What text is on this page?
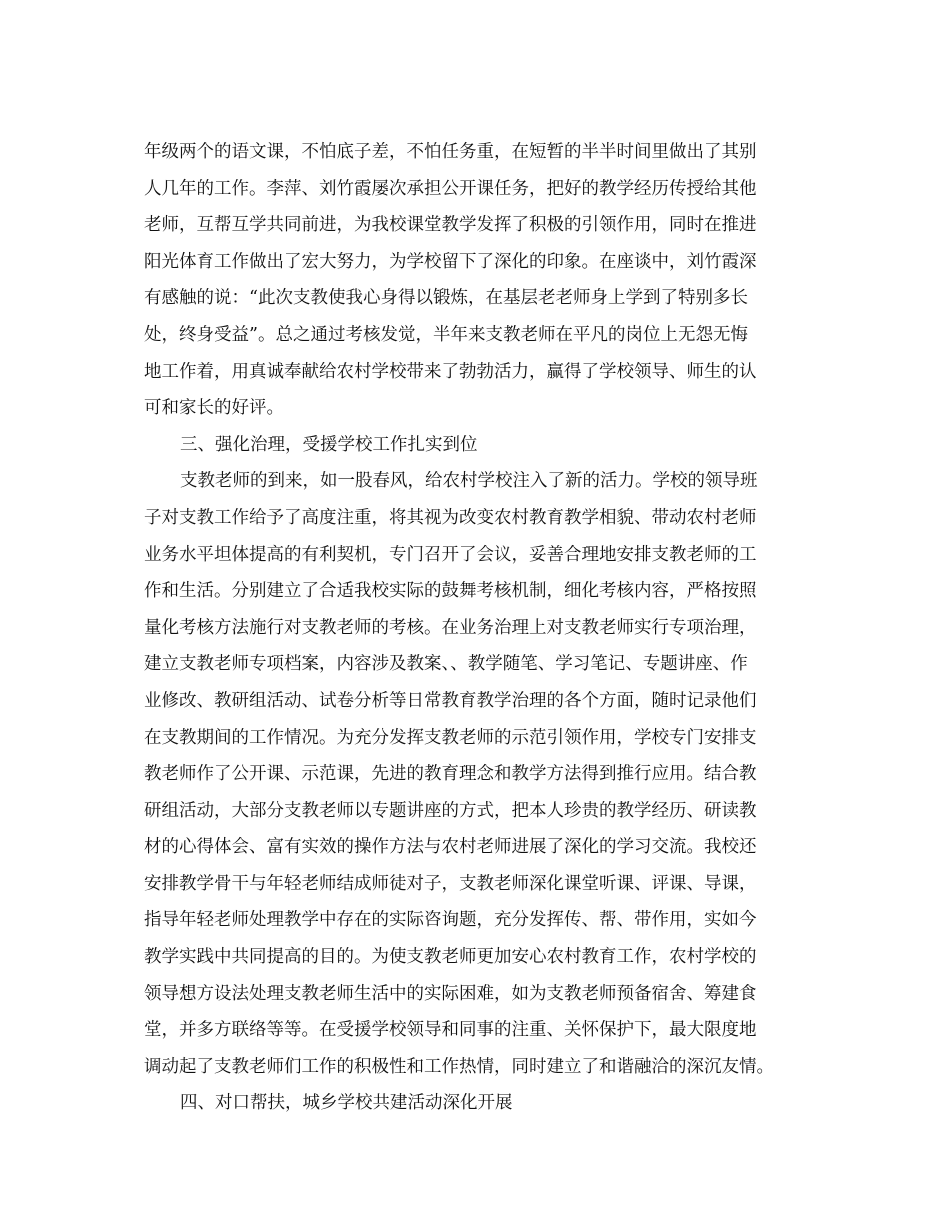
年级两个的语文课，不怕底子差，不怕任务重，在短暂的半半时间里做出了其别
人几年的工作。李萍、刘竹霞屡次承担公开课任务，把好的教学经历传授给其他
老师，互帮互学共同前进，为我校课堂教学发挥了积极的引领作用，同时在推进
阳光体育工作做出了宏大努力，为学校留下了深化的印象。在座谈中，刘竹霞深
有感触的说：“此次支教使我心身得以锻炼，在基层老老师身上学到了特别多长
处，终身受益”。总之通过考核发觉，半年来支教老师在平凡的岗位上无怨无悔
地工作着，用真诚奉献给农村学校带来了勃勃活力，赢得了学校领导、师生的认
可和家长的好评。
三、强化治理，受援学校工作扎实到位
支教老师的到来，如一股春风，给农村学校注入了新的活力。学校的领导班
子对支教工作给予了高度注重，将其视为改变农村教育教学相貌、带动农村老师
业务水平坦体提高的有利契机，专门召开了会议，妥善合理地安排支教老师的工
作和生活。分别建立了合适我校实际的鼓舞考核机制，细化考核内容，严格按照
量化考核方法施行对支教老师的考核。在业务治理上对支教老师实行专项治理，
建立支教老师专项档案，内容涉及教案、、教学随笔、学习笔记、专题讲座、作
业修改、教研组活动、试卷分析等日常教育教学治理的各个方面，随时记录他们
在支教期间的工作情况。为充分发挥支教老师的示范引领作用，学校专门安排支
教老师作了公开课、示范课，先进的教育理念和教学方法得到推行应用。结合教
研组活动，大部分支教老师以专题讲座的方式，把本人珍贵的教学经历、研读教
材的心得体会、富有实效的操作方法与农村老师进展了深化的学习交流。我校还
安排教学骨干与年轻老师结成师徒对子，支教老师深化课堂听课、评课、导课，
指导年轻老师处理教学中存在的实际咨询题，充分发挥传、帮、带作用，实如今
教学实践中共同提高的目的。为使支教老师更加安心农村教育工作，农村学校的
领导想方设法处理支教老师生活中的实际困难，如为支教老师预备宿舍、筹建食
堂，并多方联络等等。在受援学校领导和同事的注重、关怀保护下，最大限度地
调动起了支教老师们工作的积极性和工作热情，同时建立了和谐融洽的深沉友情。
四、对口帮扶，城乡学校共建活动深化开展
